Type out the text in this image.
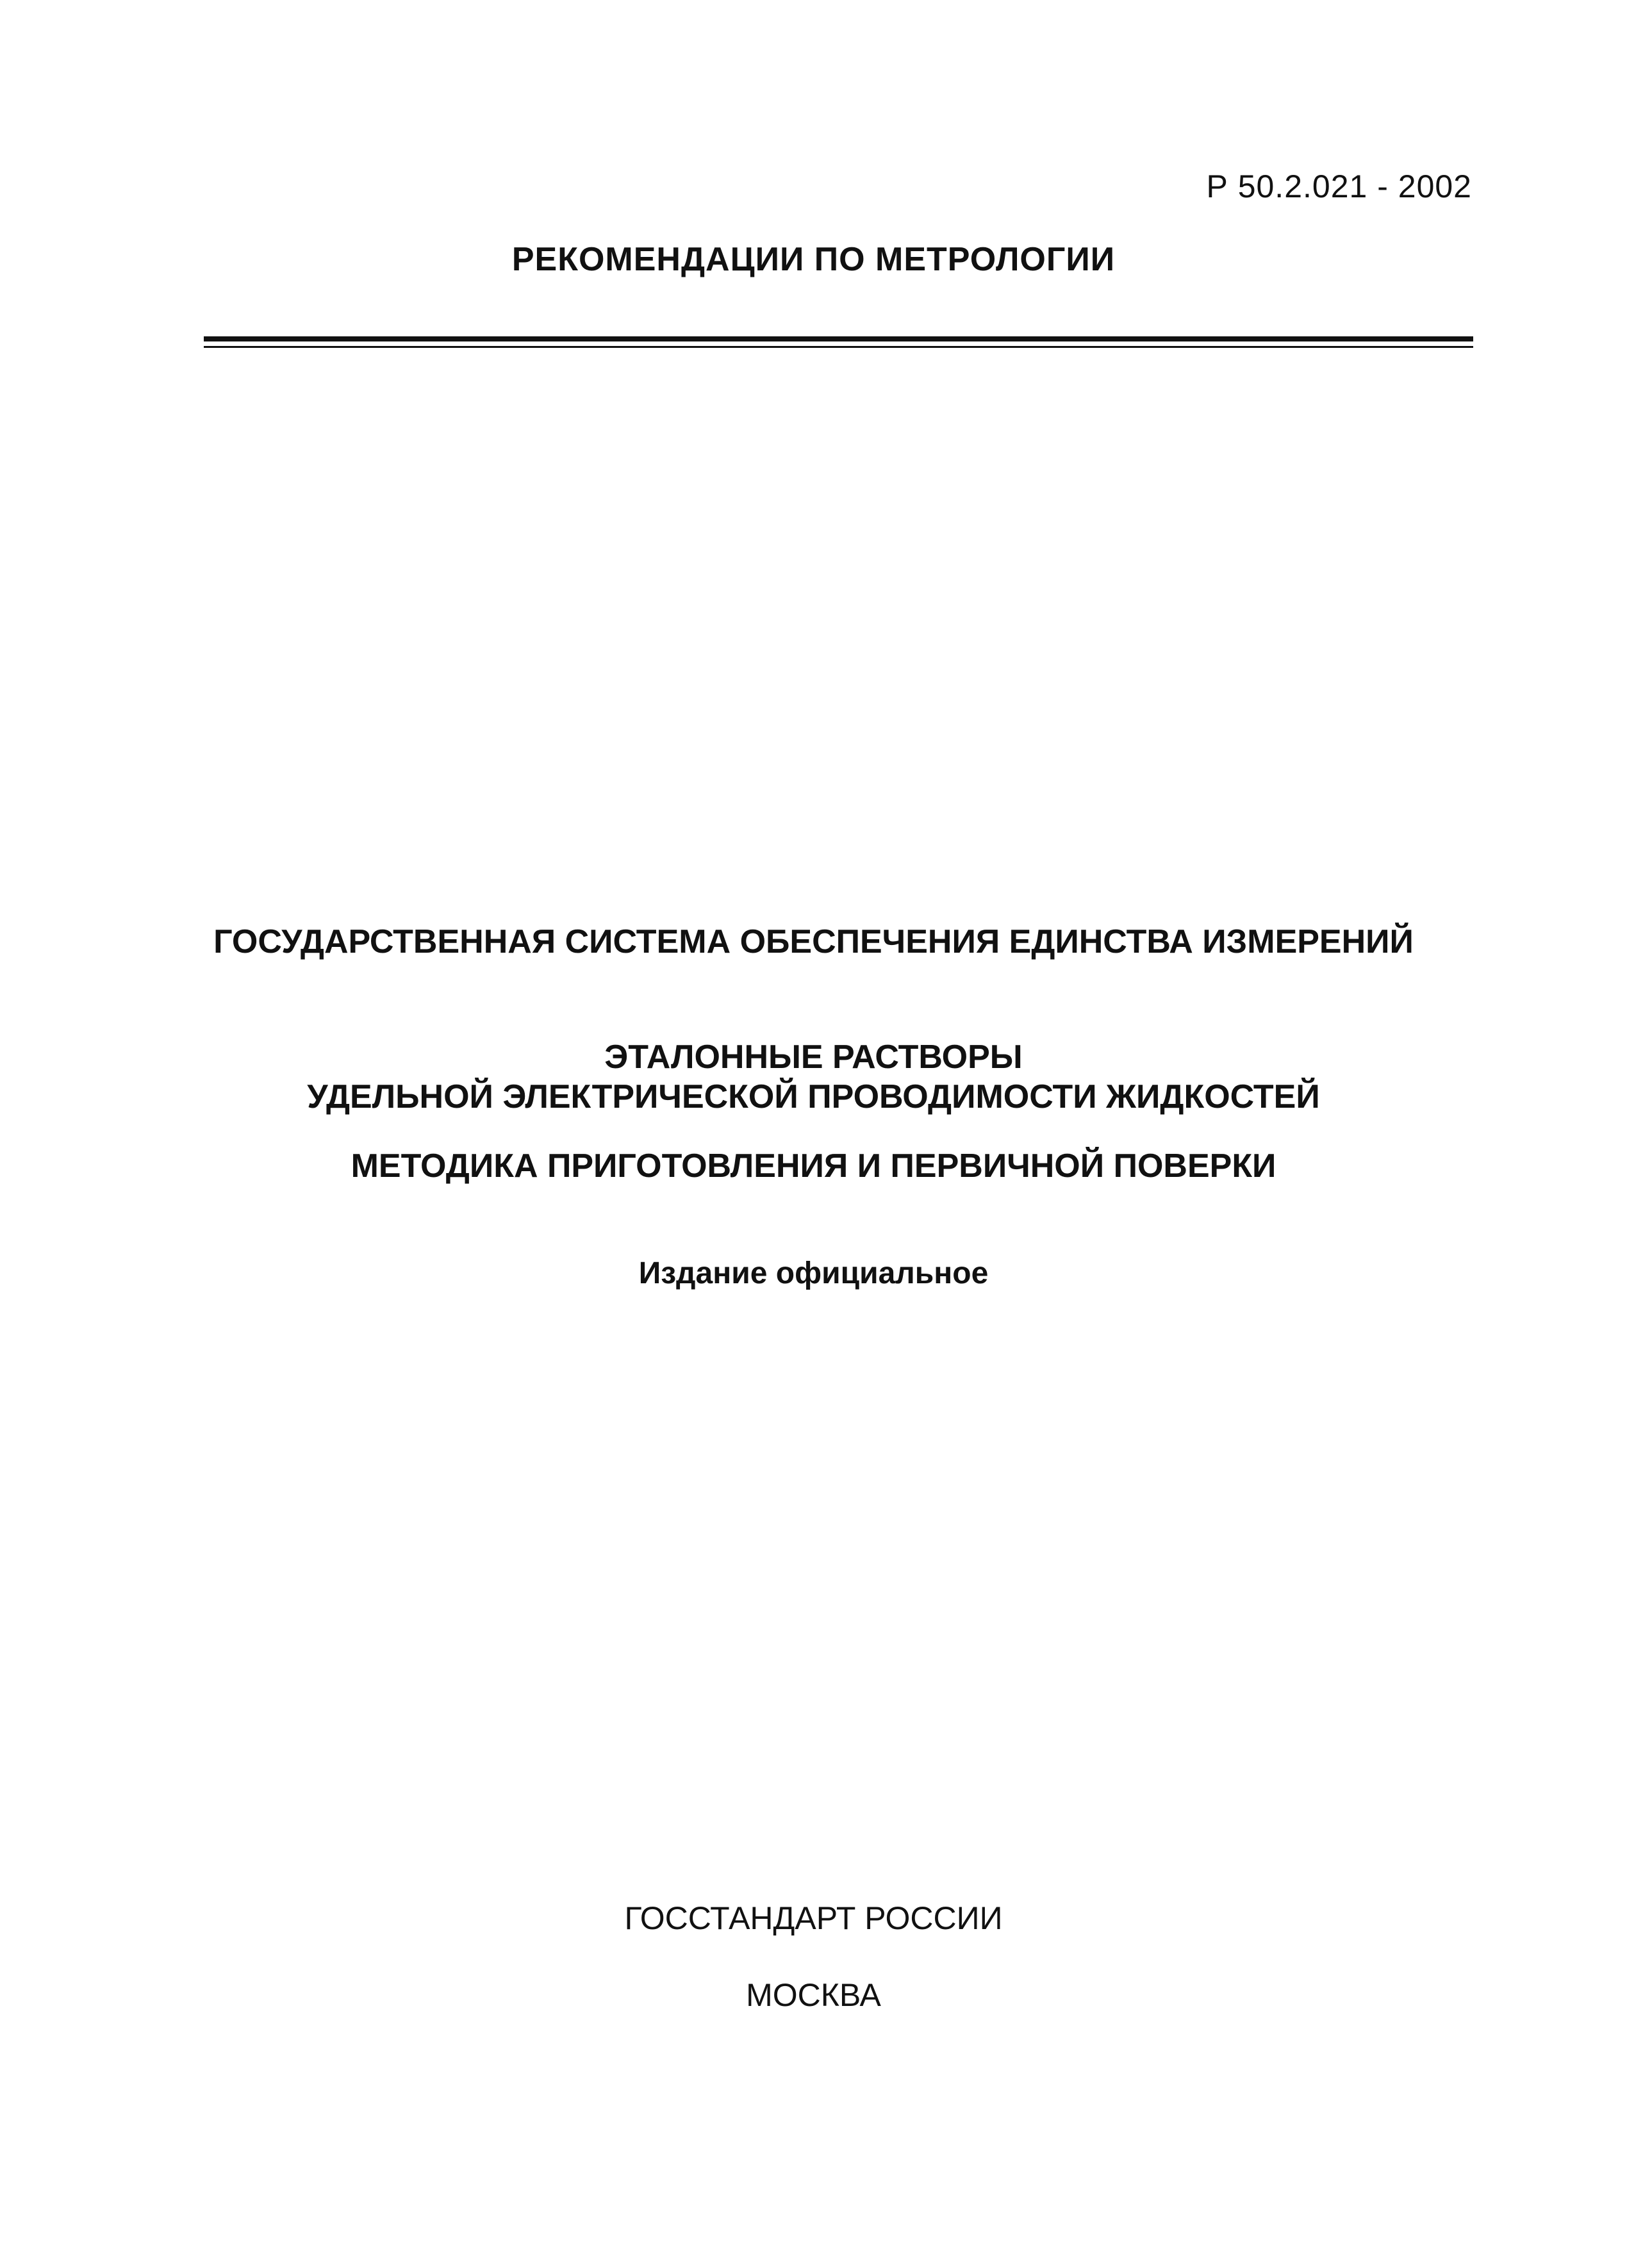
Р 50.2.021 - 2002
РЕКОМЕНДАЦИИ ПО МЕТРОЛОГИИ
ГОСУДАРСТВЕННАЯ СИСТЕМА ОБЕСПЕЧЕНИЯ ЕДИНСТВА ИЗМЕРЕНИЙ
ЭТАЛОННЫЕ РАСТВОРЫ
УДЕЛЬНОЙ ЭЛЕКТРИЧЕСКОЙ ПРОВОДИМОСТИ ЖИДКОСТЕЙ
МЕТОДИКА ПРИГОТОВЛЕНИЯ И ПЕРВИЧНОЙ ПОВЕРКИ
Издание официальное
ГОССТАНДАРТ РОССИИ
МОСКВА
